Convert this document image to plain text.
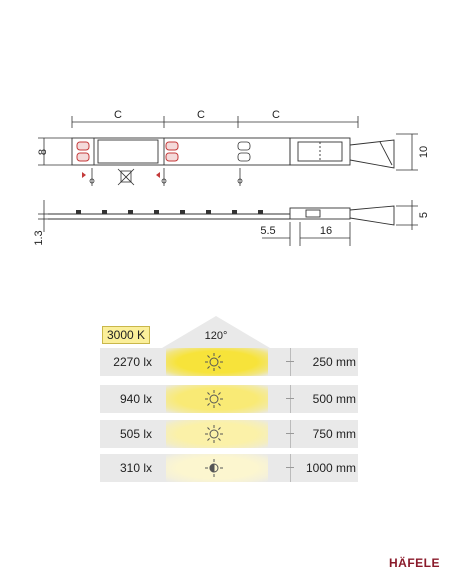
C	C	C
8	10
1.3	5.5	16
5
3000 K	120°
2270 lx	250 mm
940 lx	500 mm
505 lx	750 mm
310 lx	1000 mm
HÄFELE
